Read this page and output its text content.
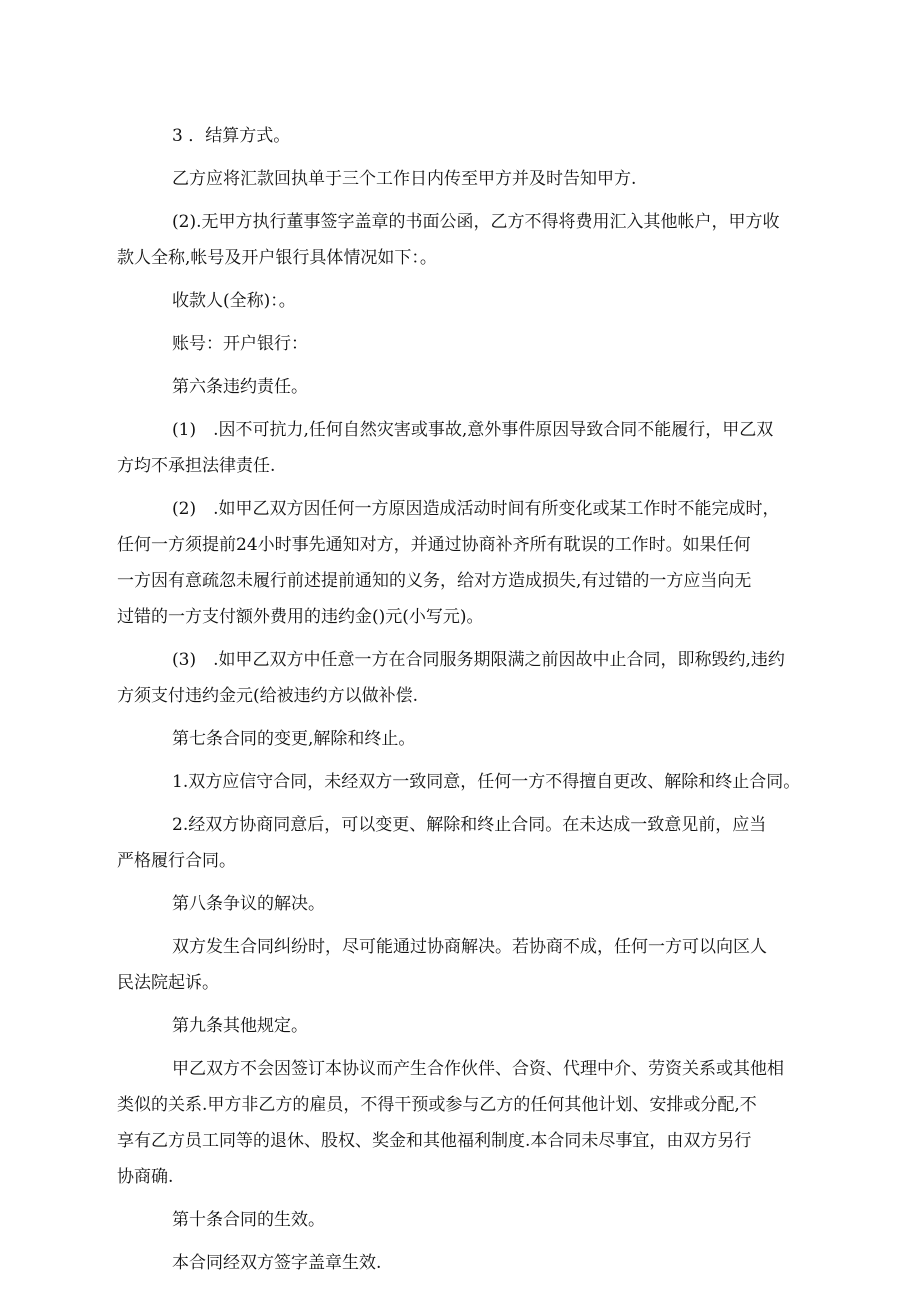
3 ．结算方式。
乙方应将汇款回执单于三个工作日内传至甲方并及时告知甲方.
(2).无甲方执行董事签字盖章的书面公函，乙方不得将费用汇入其他帐户，甲方收
款人全称,帐号及开户银行具体情况如下：。
收款人(全称)：。
账号：开户银行：
第六条违约责任。
(1)　.因不可抗力,任何自然灾害或事故,意外事件原因导致合同不能履行，甲乙双
方均不承担法律责任.
(2)　.如甲乙双方因任何一方原因造成活动时间有所变化或某工作时不能完成时，
任何一方须提前24小时事先通知对方，并通过协商补齐所有耽误的工作时。如果任何
一方因有意疏忽未履行前述提前通知的义务，给对方造成损失,有过错的一方应当向无
过错的一方支付额外费用的违约金()元(小写元)。
(3)　.如甲乙双方中任意一方在合同服务期限满之前因故中止合同，即称毁约,违约
方须支付违约金元(给被违约方以做补偿.
第七条合同的变更,解除和终止。
1.双方应信守合同，未经双方一致同意，任何一方不得擅自更改、解除和终止合同。
2.经双方协商同意后，可以变更、解除和终止合同。在未达成一致意见前，应当
严格履行合同。
第八条争议的解决。
双方发生合同纠纷时，尽可能通过协商解决。若协商不成，任何一方可以向区人
民法院起诉。
第九条其他规定。
甲乙双方不会因签订本协议而产生合作伙伴、合资、代理中介、劳资关系或其他相
类似的关系.甲方非乙方的雇员，不得干预或参与乙方的任何其他计划、安排或分配,不
享有乙方员工同等的退休、股权、奖金和其他福利制度.本合同未尽事宜，由双方另行
协商确.
第十条合同的生效。
本合同经双方签字盖章生效.
